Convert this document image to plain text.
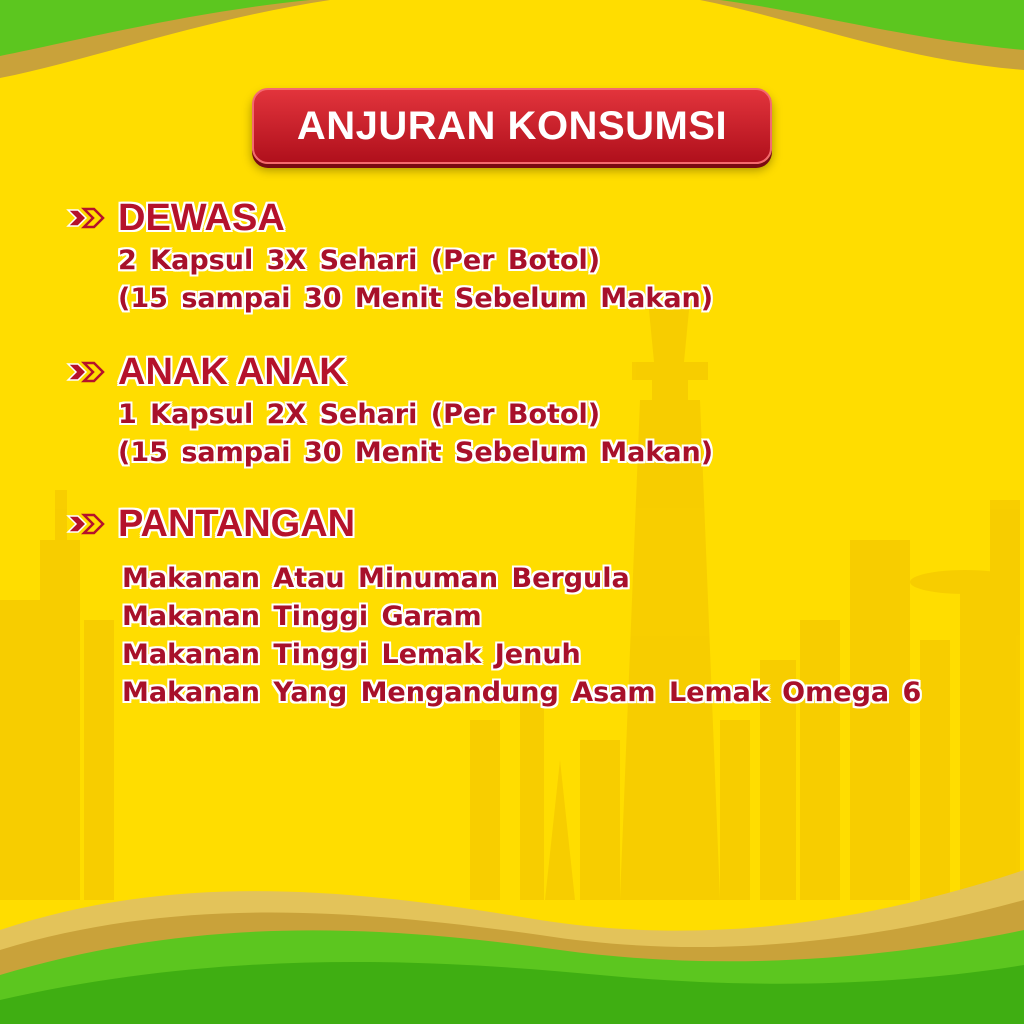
ANJURAN KONSUMSI
DEWASA
2 Kapsul 3X Sehari (Per Botol)
(15 sampai 30 Menit Sebelum Makan)
ANAK ANAK
1 Kapsul 2X Sehari (Per Botol)
(15 sampai 30 Menit Sebelum Makan)
PANTANGAN
Makanan Atau Minuman Bergula
Makanan Tinggi Garam
Makanan Tinggi Lemak Jenuh
Makanan Yang Mengandung Asam Lemak Omega 6
